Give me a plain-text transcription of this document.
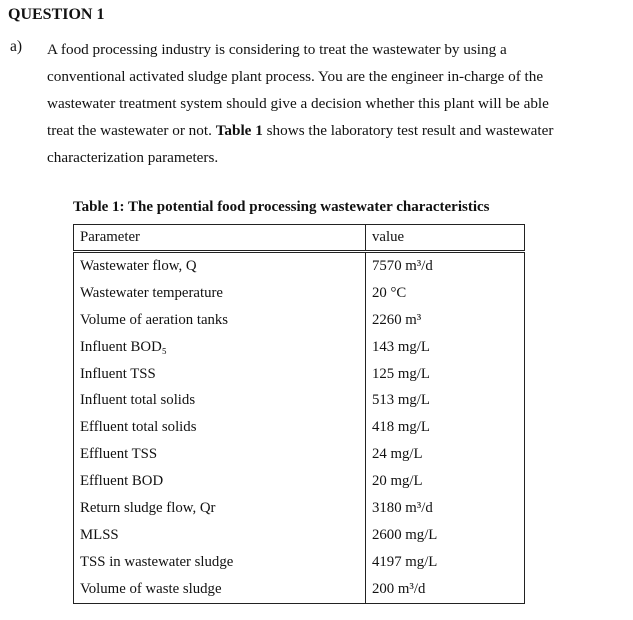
QUESTION 1
a) A food processing industry is considering to treat the wastewater by using a
conventional activated sludge plant process. You are the engineer in-charge of the
wastewater treatment system should give a decision whether this plant will be able
treat the wastewater or not. Table 1 shows the laboratory test result and wastewater
characterization parameters.
Table 1: The potential food processing wastewater characteristics
Parameter	value
Wastewater flow, Q	7570 m³/d
Wastewater temperature	20 °C
Volume of aeration tanks	2260 m³
Influent BOD₅	143 mg/L
Influent TSS	125 mg/L
Influent total solids	513 mg/L
Effluent total solids	418 mg/L
Effluent TSS	24 mg/L
Effluent BOD	20 mg/L
Return sludge flow, Qr	3180 m³/d
MLSS	2600 mg/L
TSS in wastewater sludge	4197 mg/L
Volume of waste sludge	200 m³/d
